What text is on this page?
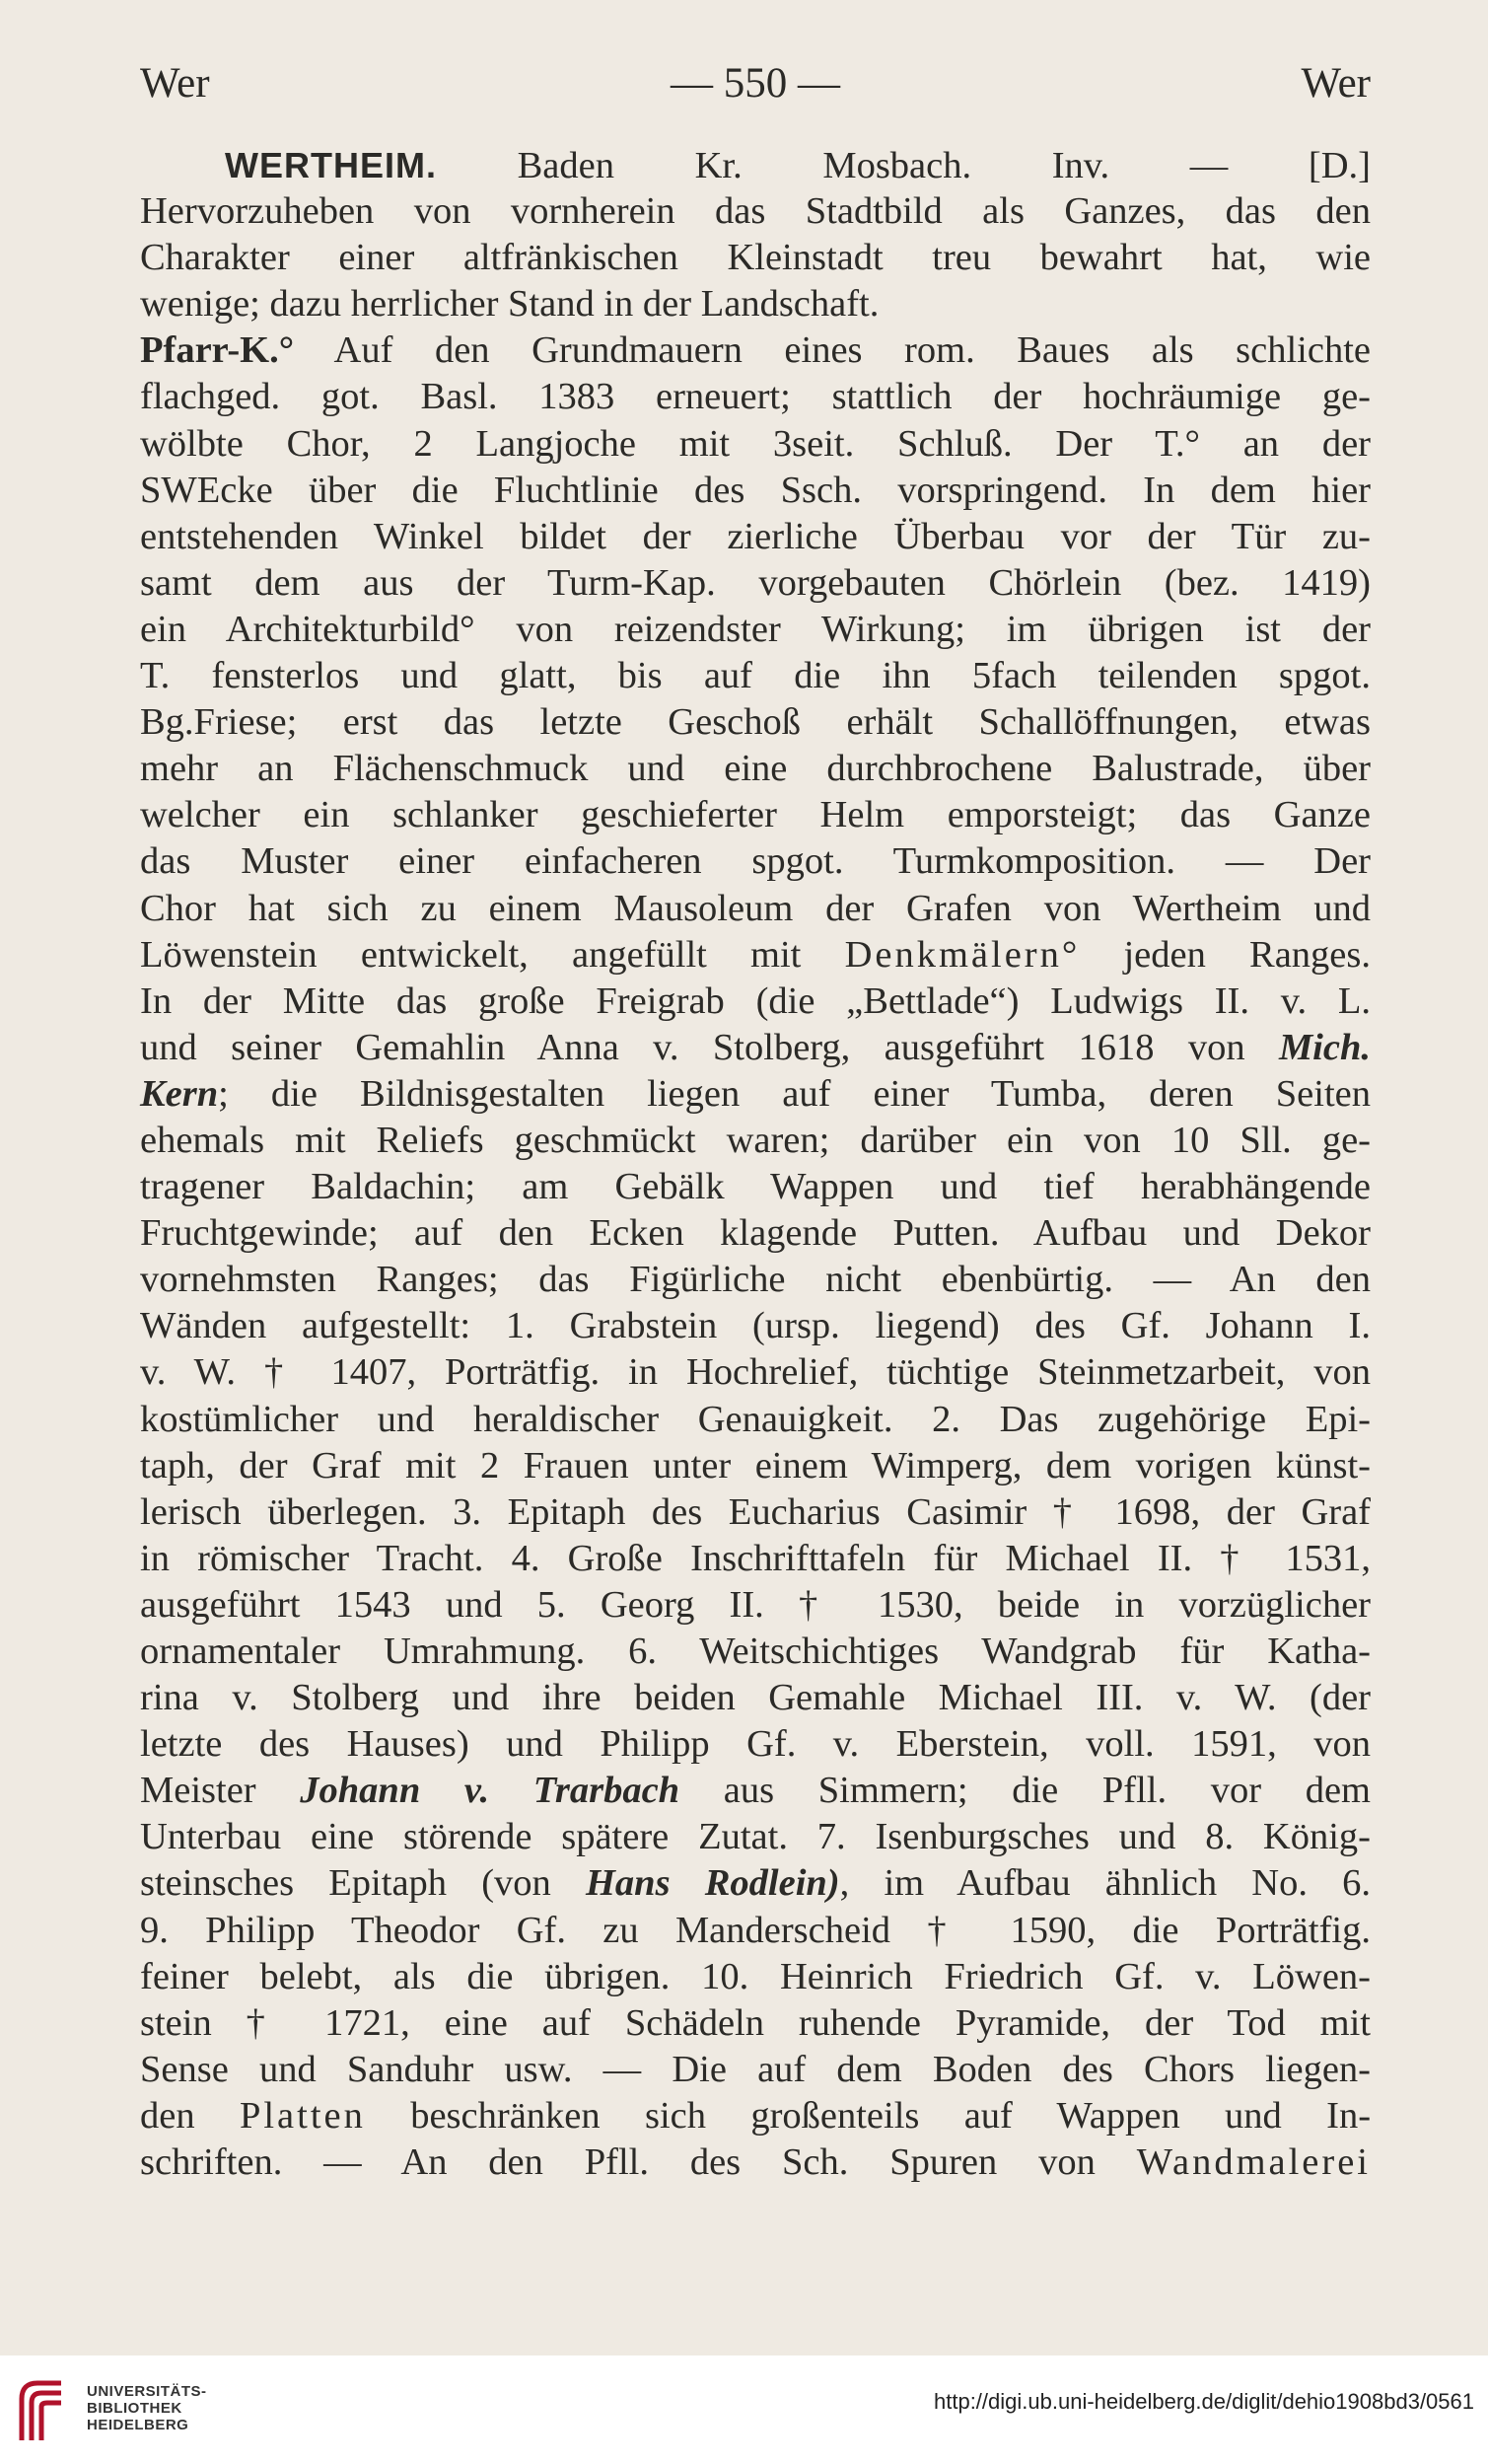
Wer	— 550 —	Wer
WERTHEIM. Baden Kr. Mosbach. Inv. — [D.]
Hervorzuheben von vornherein das Stadtbild als Ganzes, das den
Charakter einer altfränkischen Kleinstadt treu bewahrt hat, wie
wenige; dazu herrlicher Stand in der Landschaft.
Pfarr-K.° Auf den Grundmauern eines rom. Baues als schlichte
flachged. got. Basl. 1383 erneuert; stattlich der hochräumige ge-
wölbte Chor, 2 Langjoche mit 3seit. Schluß. Der T.° an der
SWEcke über die Fluchtlinie des Ssch. vorspringend. In dem hier
entstehenden Winkel bildet der zierliche Überbau vor der Tür zu-
samt dem aus der Turm-Kap. vorgebauten Chörlein (bez. 1419)
ein Architekturbild° von reizendster Wirkung; im übrigen ist der
T. fensterlos und glatt, bis auf die ihn 5fach teilenden spgot.
Bg.Friese; erst das letzte Geschoß erhält Schallöffnungen, etwas
mehr an Flächenschmuck und eine durchbrochene Balustrade, über
welcher ein schlanker geschieferter Helm emporsteigt; das Ganze
das Muster einer einfacheren spgot. Turmkomposition. — Der
Chor hat sich zu einem Mausoleum der Grafen von Wertheim und
Löwenstein entwickelt, angefüllt mit Denkmälern° jeden Ranges.
In der Mitte das große Freigrab (die „Bettlade“) Ludwigs II. v. L.
und seiner Gemahlin Anna v. Stolberg, ausgeführt 1618 von Mich.
Kern; die Bildnisgestalten liegen auf einer Tumba, deren Seiten
ehemals mit Reliefs geschmückt waren; darüber ein von 10 Sll. ge-
tragener Baldachin; am Gebälk Wappen und tief herabhängende
Fruchtgewinde; auf den Ecken klagende Putten. Aufbau und Dekor
vornehmsten Ranges; das Figürliche nicht ebenbürtig. — An den
Wänden aufgestellt: 1. Grabstein (ursp. liegend) des Gf. Johann I.
v. W. † 1407, Porträtfig. in Hochrelief, tüchtige Steinmetzarbeit, von
kostümlicher und heraldischer Genauigkeit. 2. Das zugehörige Epi-
taph, der Graf mit 2 Frauen unter einem Wimperg, dem vorigen künst-
lerisch überlegen. 3. Epitaph des Eucharius Casimir † 1698, der Graf
in römischer Tracht. 4. Große Inschrifttafeln für Michael II. † 1531,
ausgeführt 1543 und 5. Georg II. † 1530, beide in vorzüglicher
ornamentaler Umrahmung. 6. Weitschichtiges Wandgrab für Katha-
rina v. Stolberg und ihre beiden Gemahle Michael III. v. W. (der
letzte des Hauses) und Philipp Gf. v. Eberstein, voll. 1591, von
Meister Johann v. Trarbach aus Simmern; die Pfll. vor dem
Unterbau eine störende spätere Zutat. 7. Isenburgsches und 8. König-
steinsches Epitaph (von Hans Rodlein), im Aufbau ähnlich No. 6.
9. Philipp Theodor Gf. zu Manderscheid † 1590, die Porträtfig.
feiner belebt, als die übrigen. 10. Heinrich Friedrich Gf. v. Löwen-
stein † 1721, eine auf Schädeln ruhende Pyramide, der Tod mit
Sense und Sanduhr usw. — Die auf dem Boden des Chors liegen-
den Platten beschränken sich großenteils auf Wappen und In-
schriften. — An den Pfll. des Sch. Spuren von Wandmalerei
UNIVERSITÄTS-
BIBLIOTHEK
HEIDELBERG
http://digi.ub.uni-heidelberg.de/diglit/dehio1908bd3/0561
